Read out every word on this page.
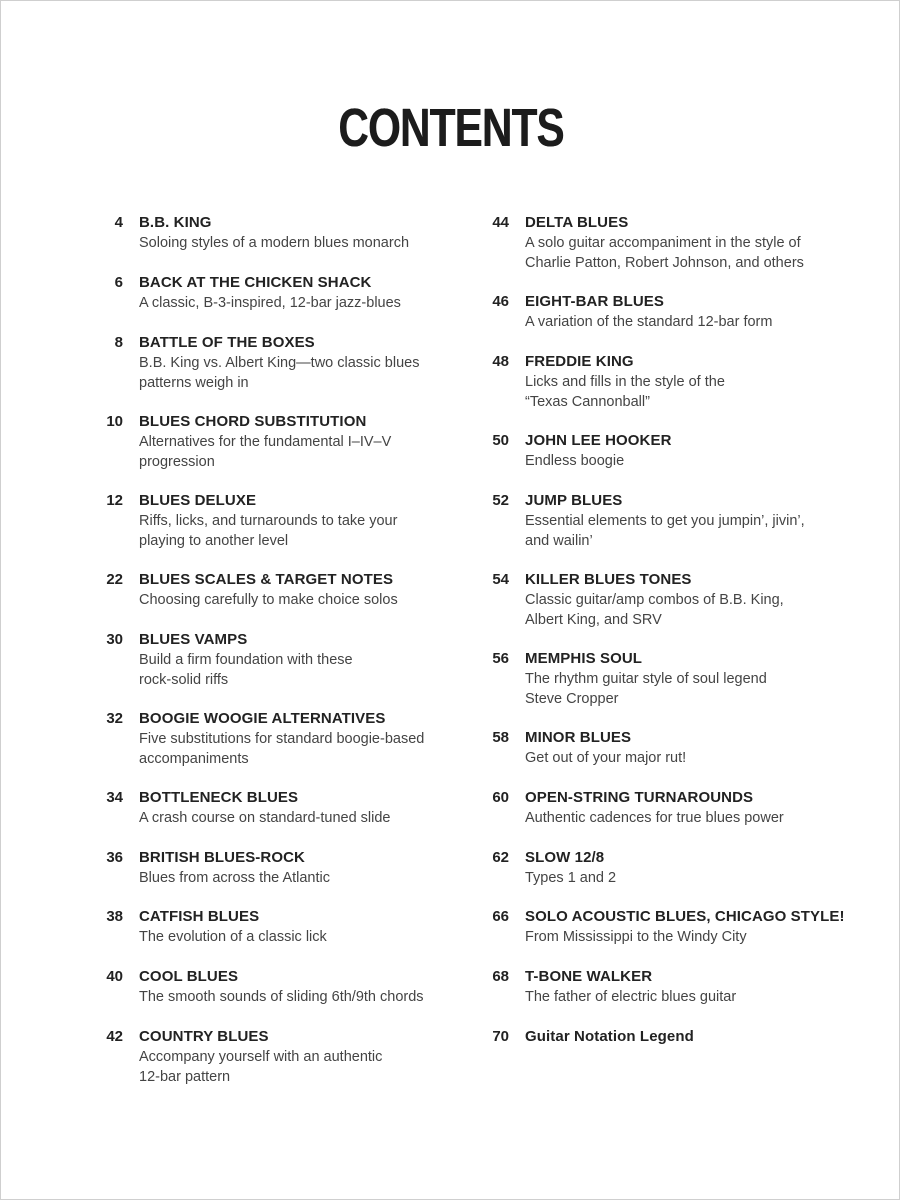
CONTENTS
4 B.B. KING
Soloing styles of a modern blues monarch
6 BACK AT THE CHICKEN SHACK
A classic, B-3-inspired, 12-bar jazz-blues
8 BATTLE OF THE BOXES
B.B. King vs. Albert King—two classic blues
patterns weigh in
10 BLUES CHORD SUBSTITUTION
Alternatives for the fundamental I–IV–V
progression
12 BLUES DELUXE
Riffs, licks, and turnarounds to take your
playing to another level
22 BLUES SCALES & TARGET NOTES
Choosing carefully to make choice solos
30 BLUES VAMPS
Build a firm foundation with these
rock-solid riffs
32 BOOGIE WOOGIE ALTERNATIVES
Five substitutions for standard boogie-based
accompaniments
34 BOTTLENECK BLUES
A crash course on standard-tuned slide
36 BRITISH BLUES-ROCK
Blues from across the Atlantic
38 CATFISH BLUES
The evolution of a classic lick
40 COOL BLUES
The smooth sounds of sliding 6th/9th chords
42 COUNTRY BLUES
Accompany yourself with an authentic
12-bar pattern
44 DELTA BLUES
A solo guitar accompaniment in the style of
Charlie Patton, Robert Johnson, and others
46 EIGHT-BAR BLUES
A variation of the standard 12-bar form
48 FREDDIE KING
Licks and fills in the style of the
“Texas Cannonball”
50 JOHN LEE HOOKER
Endless boogie
52 JUMP BLUES
Essential elements to get you jumpin’, jivin’,
and wailin’
54 KILLER BLUES TONES
Classic guitar/amp combos of B.B. King,
Albert King, and SRV
56 MEMPHIS SOUL
The rhythm guitar style of soul legend
Steve Cropper
58 MINOR BLUES
Get out of your major rut!
60 OPEN-STRING TURNAROUNDS
Authentic cadences for true blues power
62 SLOW 12/8
Types 1 and 2
66 SOLO ACOUSTIC BLUES, CHICAGO STYLE!
From Mississippi to the Windy City
68 T-BONE WALKER
The father of electric blues guitar
70 Guitar Notation Legend
